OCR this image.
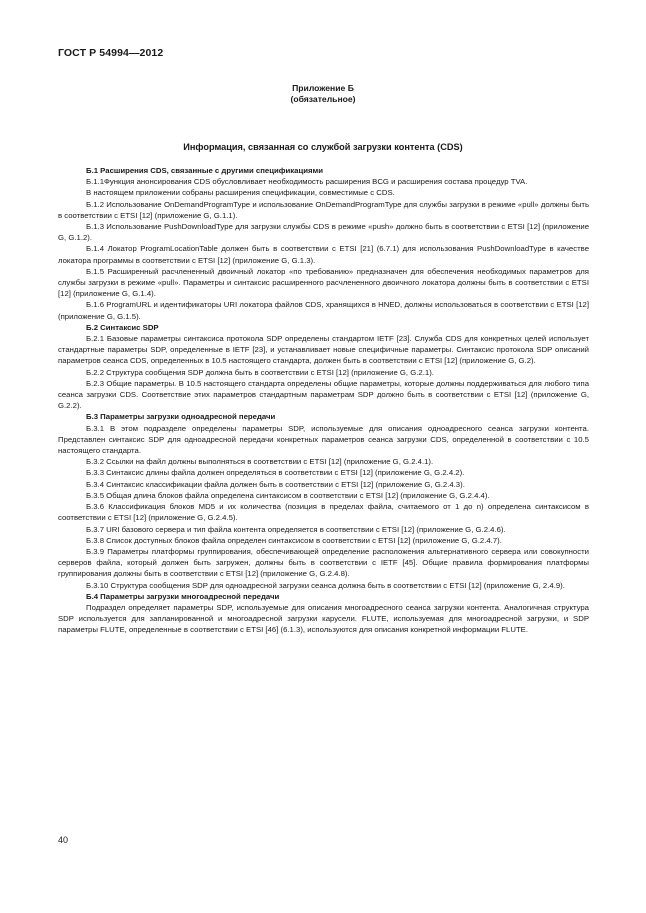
ГОСТ Р 54994—2012
Приложение Б
(обязательное)
Информация, связанная со службой загрузки контента (CDS)
Б.1 Расширения CDS, связанные с другими спецификациями

Б.1.1Функция анонсирования CDS обусловливает необходимость расширения BCG и расширения состава процедур TVA.

В настоящем приложении собраны расширения спецификации, совместимые с CDS.

Б.1.2 Использование OnDemandProgramType и использование OnDemandProgramType для службы загрузки в режиме «pull» должны быть в соответствии с ETSI [12] (приложение G, G.1.1).

Б.1.3 Использование PushDownloadType для загрузки службы CDS в режиме «push» должно быть в соответствии с ETSI [12] (приложение G, G.1.2).

Б.1.4 Локатор ProgramLocationTable должен быть в соответствии с ETSI [21] (6.7.1) для использования PushDownloadType в качестве локатора программы в соответствии с ETSI [12] (приложение G, G.1.3).

Б.1.5 Расширенный расчлененный двоичный локатор «по требованию» предназначен для обеспечения необходимых параметров для службы загрузки в режиме «pull». Параметры и синтаксис расширенного расчлененного двоичного локатора должны быть в соответствии с ETSI [12] (приложение G, G.1.4).

Б.1.6 ProgramURL и идентификаторы URI локатора файлов CDS, хранящихся в HNED, должны использоваться в соответствии с ETSI [12] (приложение G, G.1.5).

Б.2 Синтаксис SDP

Б.2.1 Базовые параметры синтаксиса протокола SDP определены стандартом IETF [23]. Служба CDS для конкретных целей использует стандартные параметры SDP, определенные в IETF [23], и устанавливает новые специфичные параметры. Синтаксис протокола SDP описаний параметров сеанса CDS, определенных в 10.5 настоящего стандарта, должен быть в соответствии с ETSI [12] (приложение G, G.2).

Б.2.2 Структура сообщения SDP должна быть в соответствии с ETSI [12] (приложение G, G.2.1).

Б.2.3 Общие параметры. В 10.5 настоящего стандарта определены общие параметры, которые должны поддерживаться для любого типа сеанса загрузки CDS. Соответствие этих параметров стандартным параметрам SDP должно быть в соответствии с ETSI [12] (приложение G, G.2.2).

Б.3 Параметры загрузки одноадресной передачи

Б.3.1 В этом подразделе определены параметры SDP, используемые для описания одноадресного сеанса загрузки контента. Представлен синтаксис SDP для одноадресной передачи конкретных параметров сеанса загрузки CDS, определенной в соответствии с 10.5 настоящего стандарта.

Б.3.2 Ссылки на файл должны выполняться в соответствии с ETSI [12] (приложение G, G.2.4.1).

Б.3.3 Синтаксис длины файла должен определяться в соответствии с ETSI [12] (приложение G, G.2.4.2).

Б.3.4 Синтаксис классификации файла должен быть в соответствии с ETSI [12] (приложение G, G.2.4.3).

Б.3.5 Общая длина блоков файла определена синтаксисом в соответствии с ETSI [12] (приложение G, G.2.4.4).

Б.3.6 Классификация блоков MD5 и их количества (позиция в пределах файла, считаемого от 1 до n) определена синтаксисом в соответствии с ETSI [12] (приложение G, G.2.4.5).

Б.3.7 URI базового сервера и тип файла контента определяется в соответствии с ETSI [12] (приложение G, G.2.4.6).

Б.3.8 Список доступных блоков файла определен синтаксисом в соответствии с ETSI [12] (приложение G, G.2.4.7).

Б.3.9 Параметры платформы группирования, обеспечивающей определение расположения альтернативного сервера или совокупности серверов файла, который должен быть загружен, должны быть в соответствии с IETF [45]. Общие правила формирования платформы группирования должны быть в соответствии с ETSI [12] (приложение G, G.2.4.8).

Б.3.10 Структура сообщения SDP для одноадресной загрузки сеанса должна быть в соответствии с ETSI [12] (приложение G, 2.4.9).

Б.4 Параметры загрузки многоадресной передачи

Подраздел определяет параметры SDP, используемые для описания многоадресного сеанса загрузки контента. Аналогичная структура SDP используется для запланированной и многоадресной загрузки карусели. FLUTE, используемая для многоадресной загрузки, и SDP параметры FLUTE, определенные в соответствии с ETSI [46] (6.1.3), используются для описания конкретной информации FLUTE.

40
